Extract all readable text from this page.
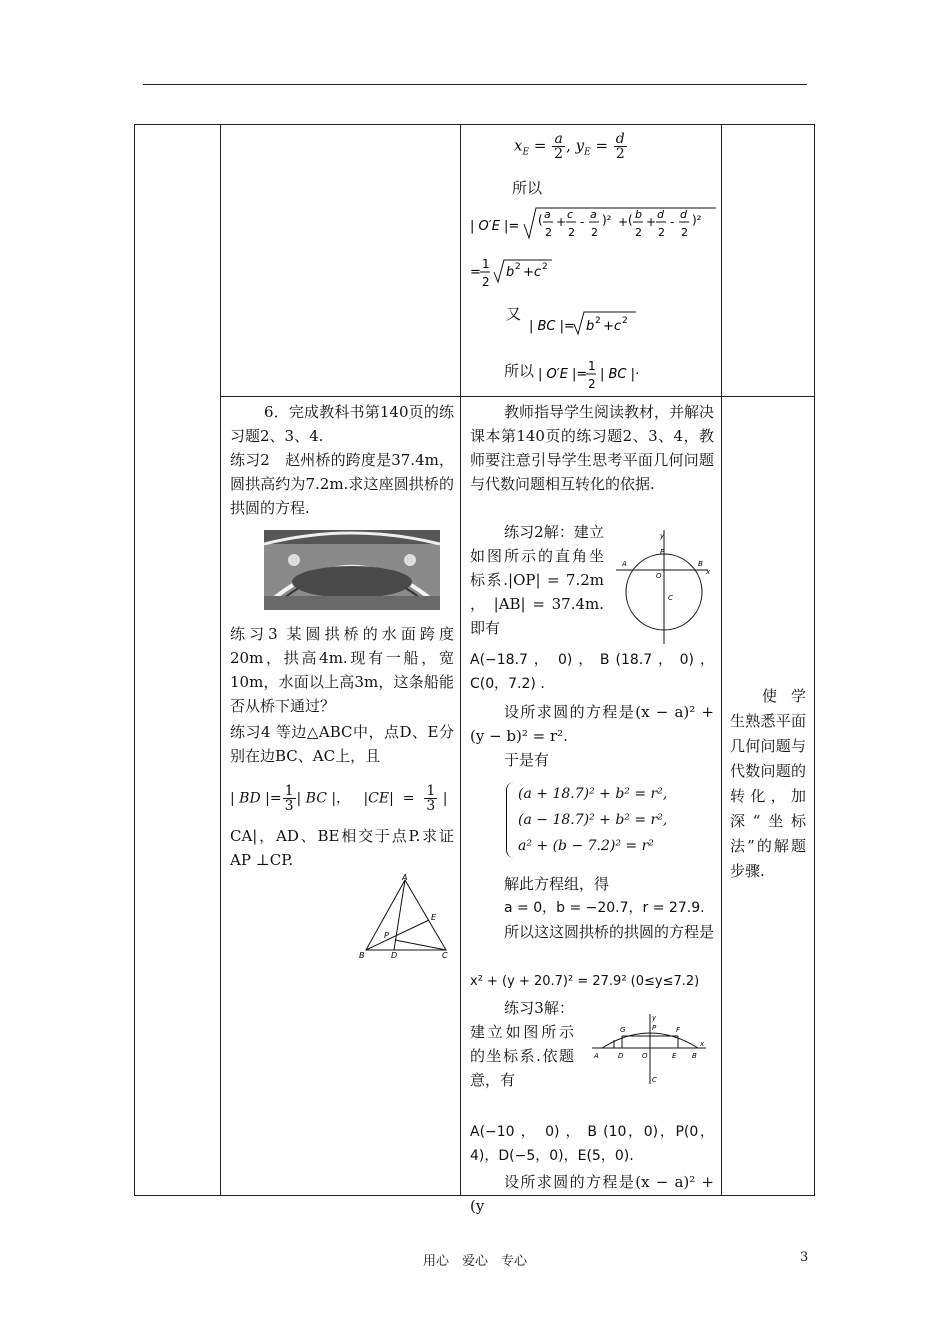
$x_E = \frac{a}{2}$ , $y_E = \frac{d}{2}$
所以
| O′E |= ( a
2
+
c
2
-
a
2
)² + ( b
2
+
d
2
-
d
2
)²
=
1
2
b 2 + c 2
| BC |= b 2 + c 2
| O′E |=
1
2
| BC |·
又
所以
6．完成教科书第140页的练习题2、3、4.
练习2　赵州桥的跨度是37.4m，圆拱高约为7.2m.求这座圆拱桥的拱圆的方程.
练习3 某圆拱桥的水面跨度20m，拱高4m.现有一船，宽10m，水面以上高3m，这条船能否从桥下通过？
练习4 等边△ABC中，点D、E分别在边BC、AC上，且
| BD |= $\frac{1}{3}$ | BC |，   $|CE| = \frac{1}{3}$ |
CA|，AD、BE相交于点P.求证AP ⊥CP.
A
B	C
D
E
P
教师指导学生阅读教材，并解决课本第140页的练习题2、3、4，教师要注意引导学生思考平面几何问题与代数问题相互转化的依据.
练习2解：建立如图所示的直角坐标系.|OP| = 7.2m ， |AB| = 37.4m.即有
y
x
A	B
P
O
C
A(−18.7 ，　0) ， B (18.7 ， 0) ， C(0，7.2) .
设所求圆的方程是(x − a)² + (y − b)² = r².
于是有
(a + 18.7)² + b² = r²,
(a − 18.7)² + b² = r²,
a² + (b − 7.2)² = r²
解此方程组，得
a = 0，b = −20.7，r = 27.9.
所以这这圆拱桥的拱圆的方程是
x² + (y + 20.7)² = 27.9² (0≤y≤7.2)
练习3解：建立如图所示的坐标系.依题意，有
A	D	O	E B
x
y
P
G	F
C
A(−10 ，　0) ， B (10，0)，P(0，4)，D(−5，0)，E(5，0).
设所求圆的方程是(x − a)² + (y
使学生熟悉平面几何问题与代数问题的转化，加深“坐标法”的解题步骤.
用心　爱心　专心	3
